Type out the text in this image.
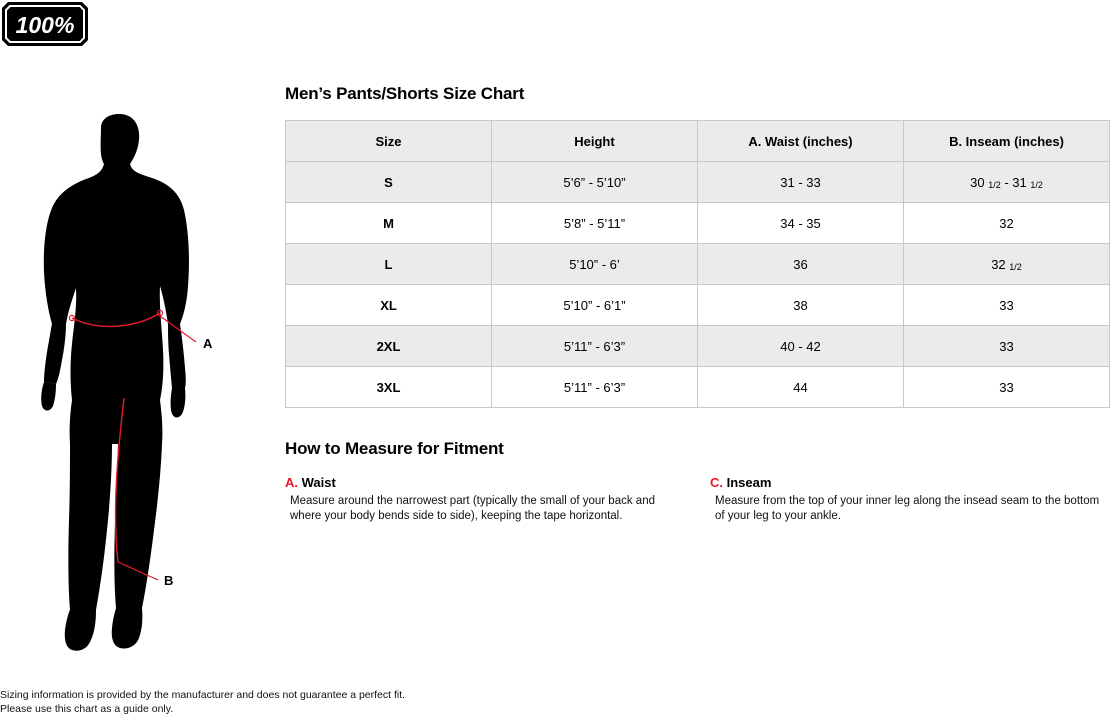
100%
A
B
Men’s Pants/Shorts Size Chart
Size	Height	A. Waist (inches)	B. Inseam (inches)
S	5’6” - 5’10”	31 - 33	30 1/2 - 31 1/2
M	5’8” - 5’11”	34 - 35	32
L	5’10” - 6’	36	32 1/2
XL	5’10” - 6’1”	38	33
2XL	5’11” - 6’3”	40 - 42	33
3XL	5’11” - 6’3”	44	33
How to Measure for Fitment
A. Waist
Measure around the narrowest part (typically the small of your back and where your body bends side to side), keeping the tape horizontal.
C. Inseam
Measure from the top of your inner leg along the insead seam to the bottom of your leg to your ankle.
Sizing information is provided by the manufacturer and does not guarantee a perfect fit.
Please use this chart as a guide only.
